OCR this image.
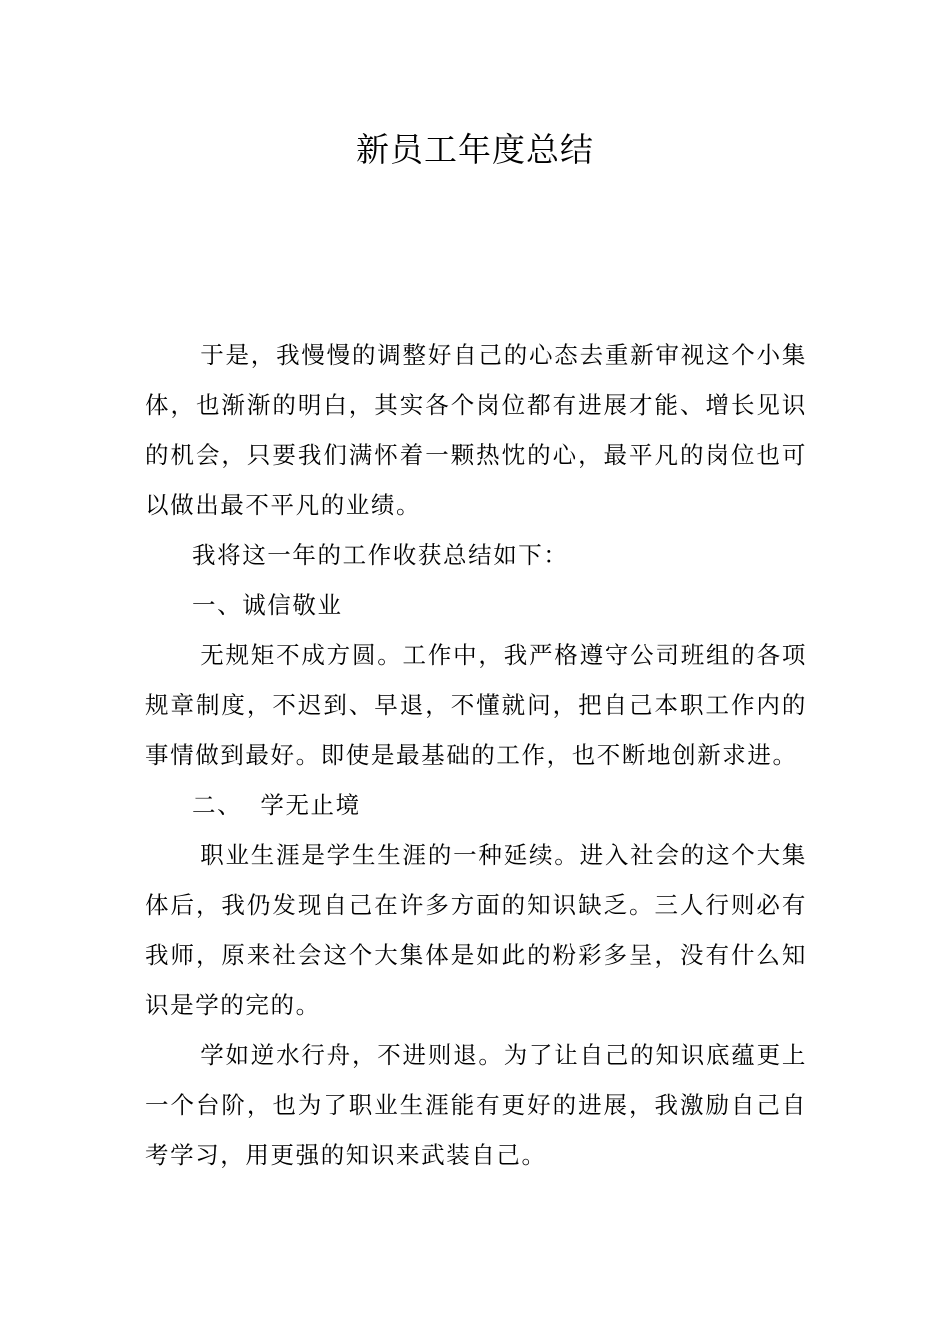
新员工年度总结

于是，我慢慢的调整好自己的心态去重新审视这个小集体，也渐渐的明白，其实各个岗位都有进展才能、增长见识的机会，只要我们满怀着一颗热忱的心，最平凡的岗位也可以做出最不平凡的业绩。

我将这一年的工作收获总结如下：

一、诚信敬业

无规矩不成方圆。工作中，我严格遵守公司班组的各项规章制度，不迟到、早退，不懂就问，把自己本职工作内的事情做到最好。即使是最基础的工作，也不断地创新求进。

二、  学无止境

职业生涯是学生生涯的一种延续。进入社会的这个大集体后，我仍发现自己在许多方面的知识缺乏。三人行则必有我师，原来社会这个大集体是如此的粉彩多呈，没有什么知识是学的完的。

学如逆水行舟，不进则退。为了让自己的知识底蕴更上一个台阶，也为了职业生涯能有更好的进展，我激励自己自考学习，用更强的知识来武装自己。
